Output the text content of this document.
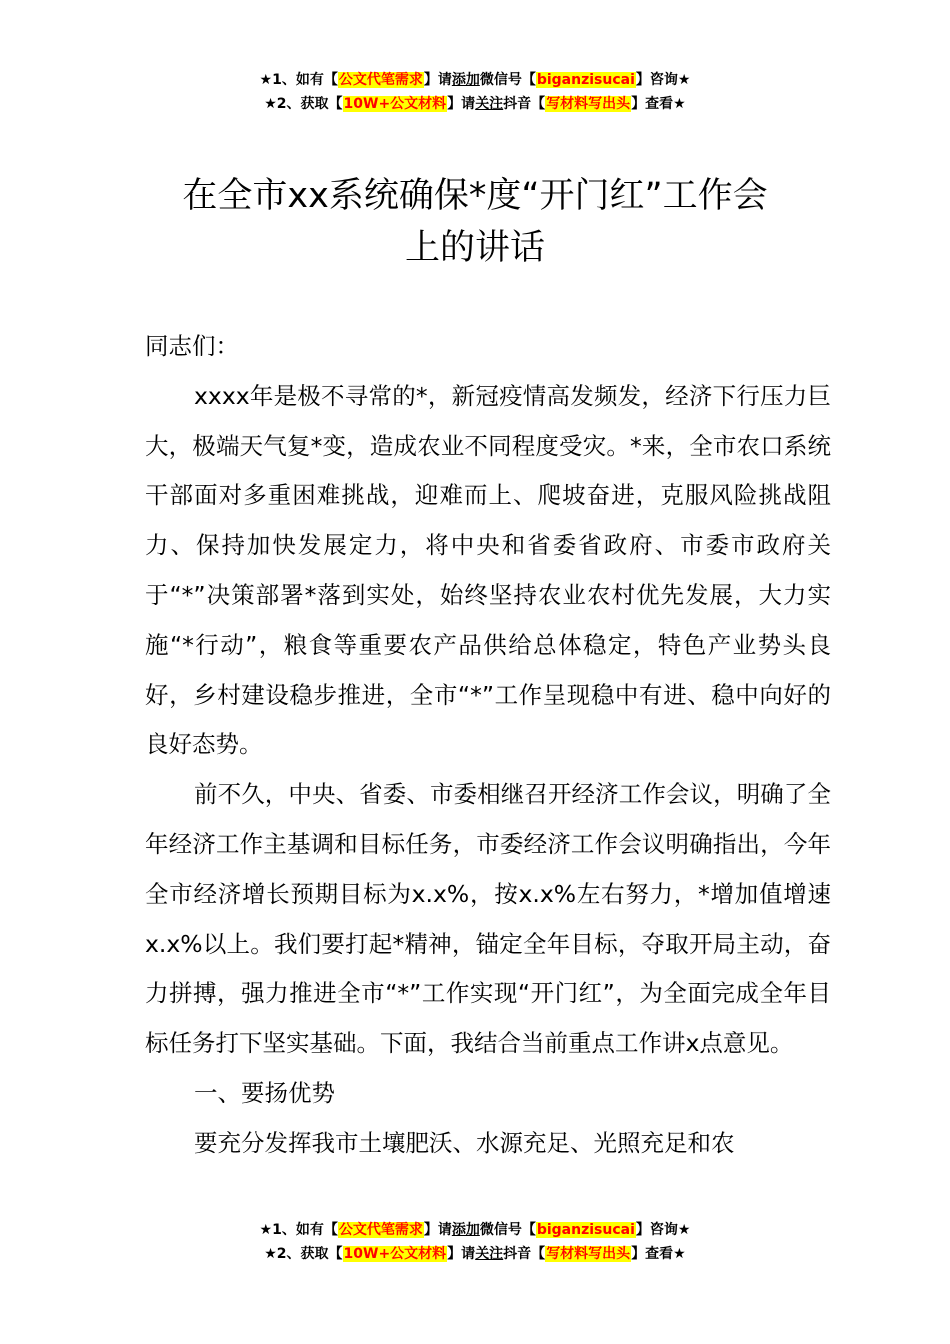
★1、如有【公文代笔需求】请添加微信号【biganzisucai】咨询★
★2、获取【10W+公文材料】请关注抖音【写材料写出头】查看★
在全市xx系统确保*度“开门红”工作会
上的讲话

同志们：

xxxx年是极不寻常的*，新冠疫情高发频发，经济下行压力巨大，极端天气复*变，造成农业不同程度受灾。*来，全市农口系统干部面对多重困难挑战，迎难而上、爬坡奋进，克服风险挑战阻力、保持加快发展定力，将中央和省委省政府、市委市政府关于“*”决策部署*落到实处，始终坚持农业农村优先发展，大力实施“*行动”，粮食等重要农产品供给总体稳定，特色产业势头良好，乡村建设稳步推进，全市“*”工作呈现稳中有进、稳中向好的良好态势。

前不久，中央、省委、市委相继召开经济工作会议，明确了全年经济工作主基调和目标任务，市委经济工作会议明确指出，今年全市经济增长预期目标为x.x%，按x.x%左右努力，*增加值增速x.x%以上。我们要打起*精神，锚定全年目标，夺取开局主动，奋力拼搏，强力推进全市“*”工作实现“开门红”，为全面完成全年目标任务打下坚实基础。下面，我结合当前重点工作讲x点意见。

一、要扬优势

要充分发挥我市土壤肥沃、水源充足、光照充足和农

★1、如有【公文代笔需求】请添加微信号【biganzisucai】咨询★
★2、获取【10W+公文材料】请关注抖音【写材料写出头】查看★
